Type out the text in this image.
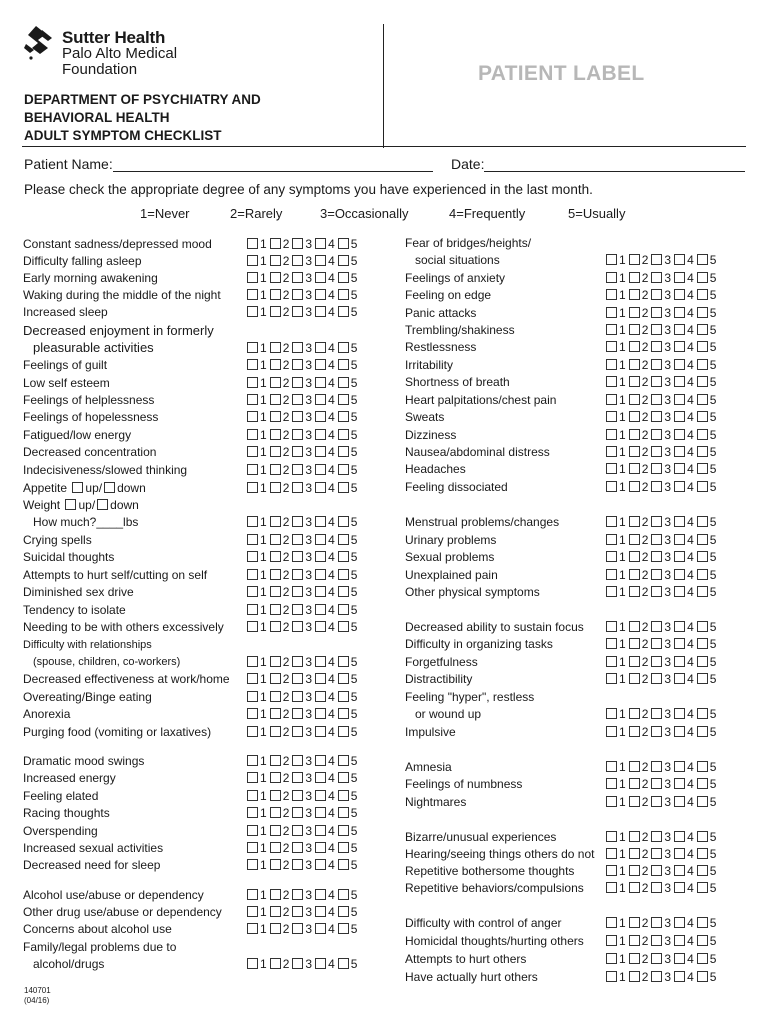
Sutter Health
Palo Alto Medical
Foundation
DEPARTMENT OF PSYCHIATRY AND
BEHAVIORAL HEALTH
ADULT SYMPTOM CHECKLIST
PATIENT LABEL
Patient Name:	Date:
Please check the appropriate degree of any symptoms you have experienced in the last month.
1=Never	2=Rarely	3=Occasionally	4=Frequently	5=Usually
Constant sadness/depressed mood	1 2 3 4 5
Difficulty falling asleep	1 2 3 4 5
Early morning awakening	1 2 3 4 5
Waking during the middle of the night	1 2 3 4 5
Increased sleep	1 2 3 4 5
Decreased enjoyment in formerly
pleasurable activities	1 2 3 4 5
Feelings of guilt	1 2 3 4 5
Low self esteem	1 2 3 4 5
Feelings of helplessness	1 2 3 4 5
Feelings of hopelessness	1 2 3 4 5
Fatigued/low energy	1 2 3 4 5
Decreased concentration	1 2 3 4 5
Indecisiveness/slowed thinking	1 2 3 4 5
Appetite up/ down	1 2 3 4 5
Weight up/ down
How much?____lbs	1 2 3 4 5
Crying spells	1 2 3 4 5
Suicidal thoughts	1 2 3 4 5
Attempts to hurt self/cutting on self	1 2 3 4 5
Diminished sex drive	1 2 3 4 5
Tendency to isolate	1 2 3 4 5
Needing to be with others excessively	1 2 3 4 5
Difficulty with relationships
(spouse, children, co-workers)	1 2 3 4 5
Decreased effectiveness at work/home	1 2 3 4 5
Overeating/Binge eating	1 2 3 4 5
Anorexia	1 2 3 4 5
Purging food (vomiting or laxatives)	1 2 3 4 5
Dramatic mood swings	1 2 3 4 5
Increased energy	1 2 3 4 5
Feeling elated	1 2 3 4 5
Racing thoughts	1 2 3 4 5
Overspending	1 2 3 4 5
Increased sexual activities	1 2 3 4 5
Decreased need for sleep	1 2 3 4 5
Alcohol use/abuse or dependency	1 2 3 4 5
Other drug use/abuse or dependency	1 2 3 4 5
Concerns about alcohol use	1 2 3 4 5
Family/legal problems due to
alcohol/drugs	1 2 3 4 5
Fear of bridges/heights/
social situations	1 2 3 4 5
Feelings of anxiety	1 2 3 4 5
Feeling on edge	1 2 3 4 5
Panic attacks	1 2 3 4 5
Trembling/shakiness	1 2 3 4 5
Restlessness	1 2 3 4 5
Irritability	1 2 3 4 5
Shortness of breath	1 2 3 4 5
Heart palpitations/chest pain	1 2 3 4 5
Sweats	1 2 3 4 5
Dizziness	1 2 3 4 5
Nausea/abdominal distress	1 2 3 4 5
Headaches	1 2 3 4 5
Feeling dissociated	1 2 3 4 5
Menstrual problems/changes	1 2 3 4 5
Urinary problems	1 2 3 4 5
Sexual problems	1 2 3 4 5
Unexplained pain	1 2 3 4 5
Other physical symptoms	1 2 3 4 5
Decreased ability to sustain focus	1 2 3 4 5
Difficulty in organizing tasks	1 2 3 4 5
Forgetfulness	1 2 3 4 5
Distractibility	1 2 3 4 5
Feeling "hyper", restless
or wound up	1 2 3 4 5
Impulsive	1 2 3 4 5
Amnesia	1 2 3 4 5
Feelings of numbness	1 2 3 4 5
Nightmares	1 2 3 4 5
Bizarre/unusual experiences	1 2 3 4 5
Hearing/seeing things others do not	1 2 3 4 5
Repetitive bothersome thoughts	1 2 3 4 5
Repetitive behaviors/compulsions	1 2 3 4 5
Difficulty with control of anger	1 2 3 4 5
Homicidal thoughts/hurting others	1 2 3 4 5
Attempts to hurt others	1 2 3 4 5
Have actually hurt others	1 2 3 4 5
140701
(04/16)
